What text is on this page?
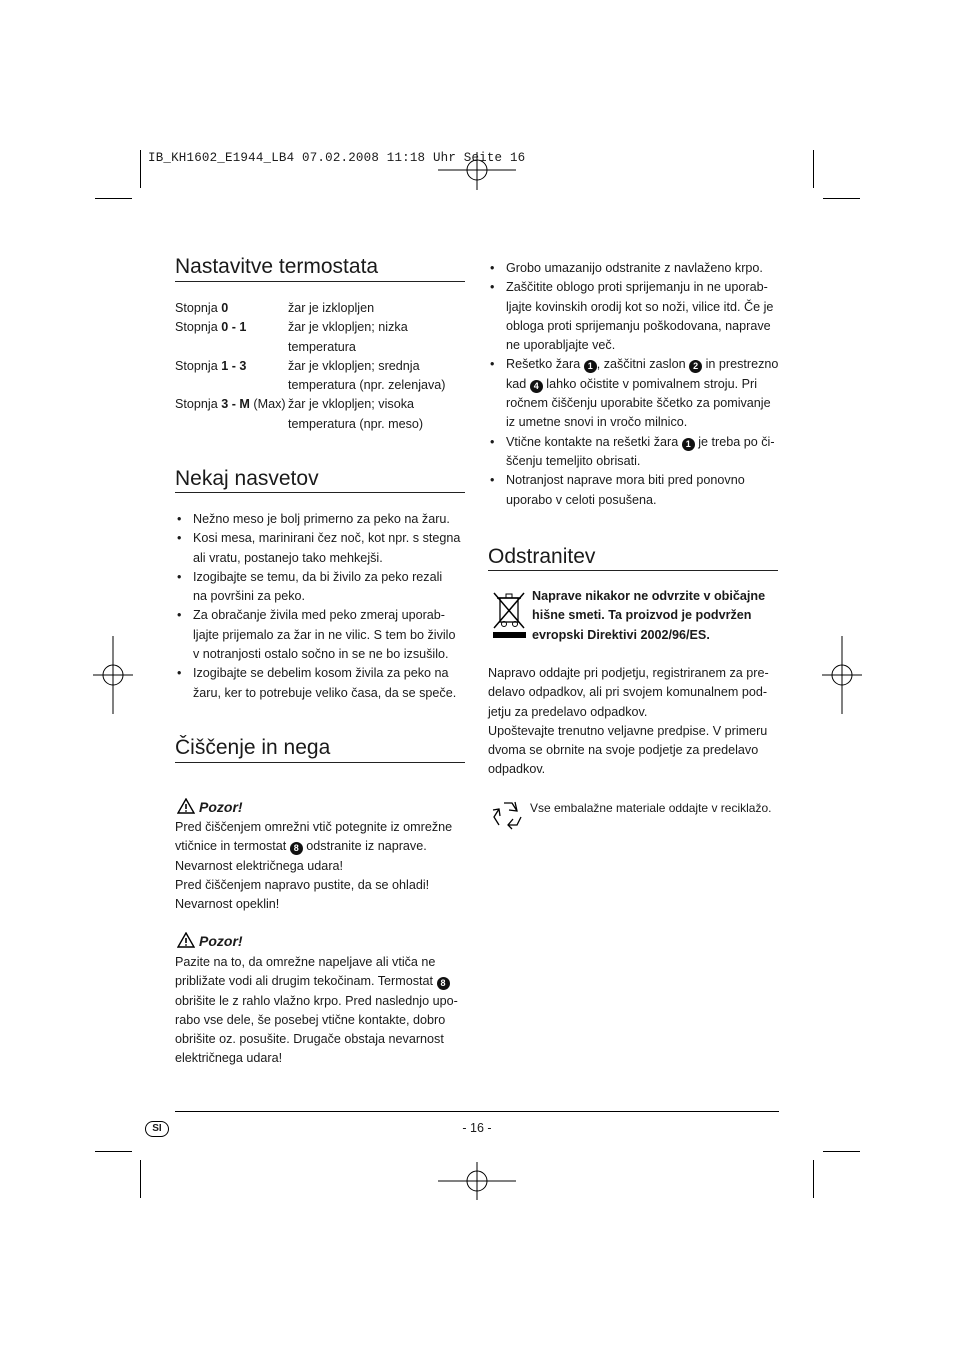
IB_KH1602_E1944_LB4 07.02.2008 11:18 Uhr Seite 16
Nastavitve termostata
Stopnja 0	žar je izklopljen
Stopnja 0 - 1	žar je vklopljen; nizka
temperatura
Stopnja 1 - 3	žar je vklopljen; srednja
temperatura (npr. zelenjava)
Stopnja 3 - M (Max) žar je vklopljen; visoka
temperatura (npr. meso)
Nekaj nasvetov
• Nežno meso je bolj primerno za peko na žaru.
• Kosi mesa, marinirani čez noč, kot npr. s stegna
ali vratu, postanejo tako mehkejši.
• Izogibajte se temu, da bi živilo za peko rezali
na površini za peko.
• Za obračanje živila med peko zmeraj uporab-
ljajte prijemalo za žar in ne vilic. S tem bo živilo
v notranjosti ostalo sočno in se ne bo izsušilo.
• Izogibajte se debelim kosom živila za peko na
žaru, ker to potrebuje veliko časa, da se speče.
Čiščenje in nega
Pozor!
Pred čiščenjem omrežni vtič potegnite iz omrežne
vtičnice in termostat 8 odstranite iz naprave.
Nevarnost električnega udara!
Pred čiščenjem napravo pustite, da se ohladi!
Nevarnost opeklin!
Pozor!
Pazite na to, da omrežne napeljave ali vtiča ne
približate vodi ali drugim tekočinam. Termostat 8
obrišite le z rahlo vlažno krpo. Pred naslednjo upo-
rabo vse dele, še posebej vtične kontakte, dobro
obrišite oz. posušite. Drugače obstaja nevarnost
električnega udara!
• Grobo umazanijo odstranite z navlaženo krpo.
• Zaščitite oblogo proti sprijemanju in ne uporab-
ljajte kovinskih orodij kot so noži, vilice itd. Če je
obloga proti sprijemanju poškodovana, naprave
ne uporabljajte več.
• Rešetko žara 1 , zaščitni zaslon 2 in prestrezno
kad 4 lahko očistite v pomivalnem stroju. Pri
ročnem čiščenju uporabite ščetko za pomivanje
iz umetne snovi in vročo milnico.
• Vtične kontakte na rešetki žara 1 je treba po či-
ščenju temeljito obrisati.
• Notranjost naprave mora biti pred ponovno
uporabo v celoti posušena.
Odstranitev
Naprave nikakor ne odvrzite v običajne
hišne smeti. Ta proizvod je podvržen
evropski Direktivi 2002/96/ES.
Napravo oddajte pri podjetju, registriranem za pre-
delavo odpadkov, ali pri svojem komunalnem pod-
jetju za predelavo odpadkov.
Upoštevajte trenutno veljavne predpise. V primeru
dvoma se obrnite na svoje podjetje za predelavo
odpadkov.
Vse embalažne materiale oddajte v reciklažo.
SI	- 16 -
